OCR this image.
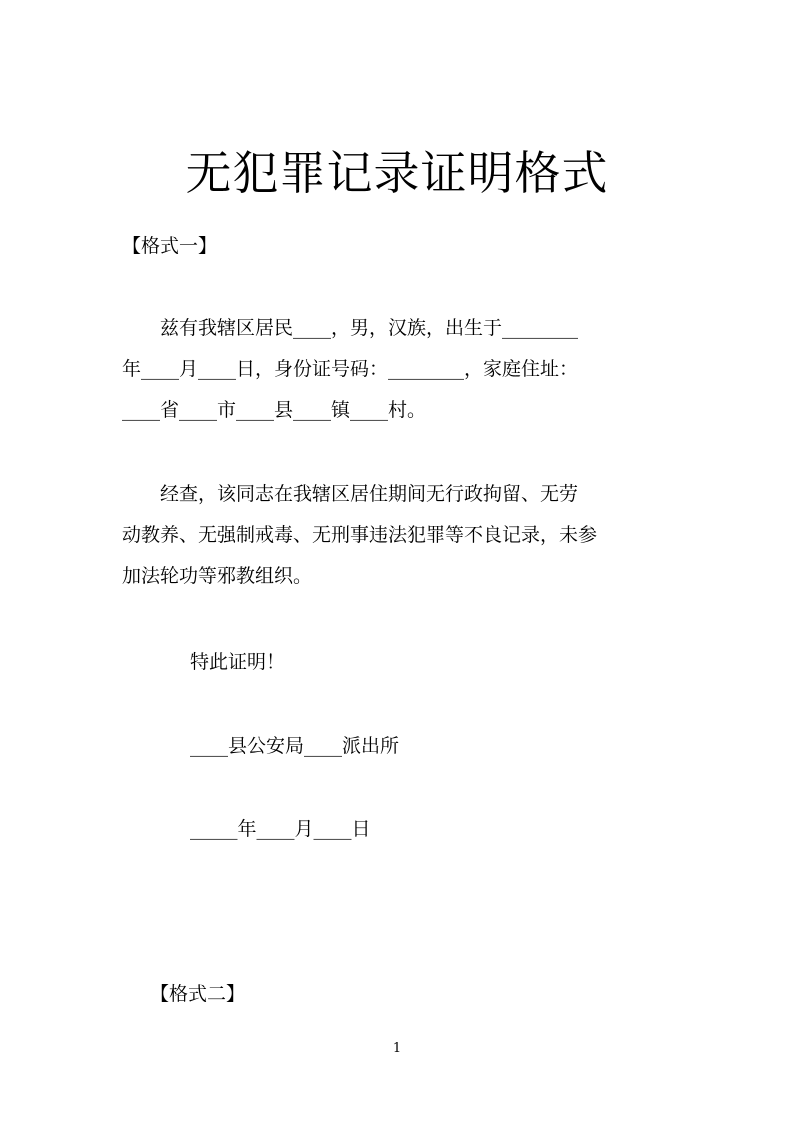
无犯罪记录证明格式

【格式一】

　　兹有我辖区居民____，男，汉族，出生于________
年____月____日，身份证号码：________，家庭住址：
____省____市____县____镇____村。
　　经查，该同志在我辖区居住期间无行政拘留、无劳
动教养、无强制戒毒、无刑事违法犯罪等不良记录，未参
加法轮功等邪教组织。

特此证明！

____县公安局____派出所

_____年____月____日

【格式二】

1
